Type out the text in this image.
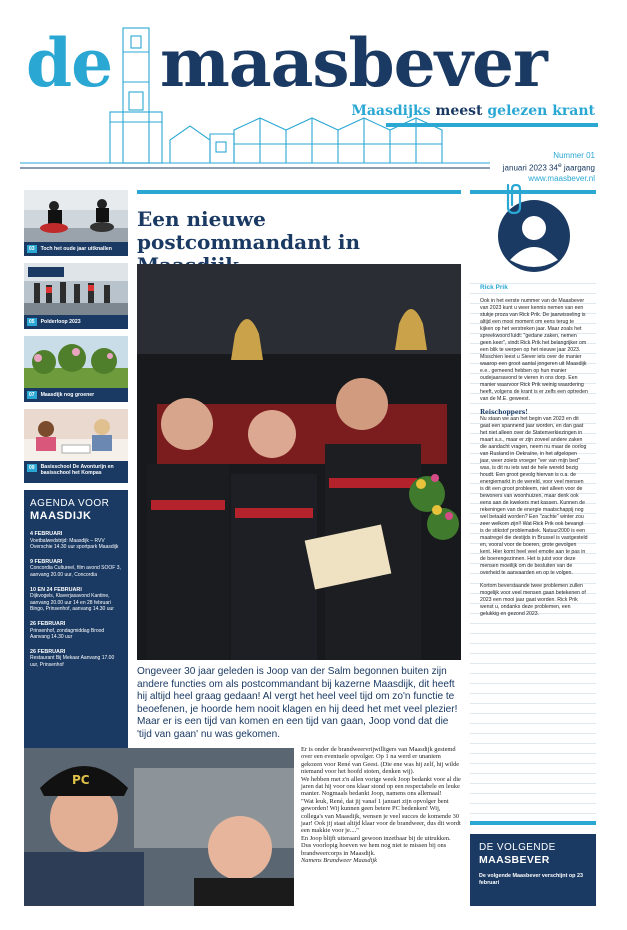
de maasbever
Maasdijks meest gelezen krant
Nummer 01
januari 2023 34e jaargang
www.maasbever.nl
03	Toch het oude jaar uitknallen
05	Polderloop 2023
07	Maasdijk nog groener
09	Basisschool De Avonturijn en basisschool het Kompas
AGENDA VOOR
MAASDIJK
4 FEBRUARI
Voetbalwedstrijd: Maasdijk – RVV Overschie 14.30 uur sportpark Maasdijk
9 FEBRUARI
Concordia Cultureel, film avond SOOF 3, aanvang 20.00 uur, Concordia
10 EN 24 FEBRUARI
Dijkvogels, Klaverjasavond Kantine, aanvang 20.00 uur 14 en 28 februari Bingo, Prinsenhof, aanvang 14.30 uur
26 FEBRUARI
Prinsenhof, zondagmiddag Brood Aanvang 14.30 uur
26 FEBRUARI
Restaurant Bij Mekaar Aanvang 17.00 uur, Prinsenhof
Een nieuwe postcommandant in

Ongeveer 30 jaar geleden is Joop van der Salm begonnen buiten zijn andere functies om als postcommandant bij kazerne Maasdijk, dit heeft hij altijd heel graag gedaan! Al vergt het heel veel tijd om zo'n functie te beoefenen, je hoorde hem nooit klagen en hij deed het met veel plezier! Maar er is een tijd van komen en een tijd van gaan, Joop vond dat die 'tijd van gaan' nu was gekomen.

PC

Er is onder de brandweervrijwilligers van Maasdijk gestemd over een eventuele opvolger. Op 1 na werd er unaniem gekozen voor René van Geest. (Die ene was hij zelf, hij wilde niemand voor het hoofd stoten, denken wij).

We hebben met z'n allen vorige week Joop bedankt voor al die jaren dat hij voor ons klaar stond op een respectabele en leuke manier. Nogmaals bedankt Joop, namens ons allemaal!

"Wat leuk, René, dat jij vanaf 1 januari zijn opvolger bent geworden! Wij kunnen geen betere PC bedenken! Wij, collega's van Maasdijk, wensen je veel succes de komende 30 jaar! Ook jij staat altijd klaar voor de brandweer, dus dit wordt een makkie voor je...."

En Joop blijft uiteraard gewoon inzetbaar bij de uitrukken. Dus voorlopig hoeven we hem nog niet te missen bij ons brandweercorps in Maasdijk.

Namens Brandweer Maasdijk

Rick Prik

Ook in het eerste nummer van de Maasbever van 2023 kunt u weer kennis nemen van een stukje proza van Rick Prik. De jaarwisseling is altijd een mooi moment om eens terug te kijken op het verstreken jaar. Maar zoals het spreekwoord luidt: "gedane zaken, nemen geen keer", vindt Rick Prik het belangrijker om een blik te werpen op het nieuwe jaar 2023. Misschien leest u Siever iets over de manier waarop een groot aantal jongeren uit Maasdijk e.e.. gemeend hebben op hun manier oudejaarsavond te vieren in ons dorp. Een manier waarvoor Rick Prik weinig waardering heeft, volgens de krant is er zelfs een optreden van de M.E. geweest.

Reischoppers!

Nu staan we aan het begin van 2023 en dit gaat een spannend jaar worden, en dan gaat het niet alleen over de Statenverkiezingen in maart a.s., maar er zijn zoveel andere zaken die aandacht vragen, neem nu maar de oorlog van Rusland in Oekraïne, in het afgelopen jaar, weer zoiets vroeger "ver van mijn bed" was, is dit nu iets wat de hele wereld bezig houdt. Een groot gevolg hiervan is o.a. de energiemarkt in de wereld, voor veel mensen is dit een groot probleem, niet alleen voor de bewoners van woonhuizen, maar denk ook eens aan de kwekers met kassen. Kunnen de rekeningen van de energie maatschappij nog wel betaald worden? Een "zachte" winter zou zeer welkom zijn!! Wat Rick Prik ook bevangt is de stikstof problematiek. Natuur2000 is een maatregel die destijds in Brussel is vastgesteld en, vooral voor de boeren, grote gevolgen kent. Hier komt heel veel emotie aan te pas in de boerengezinnen. Het is juist voor deze mensen moeilijk om de besluiten van de overheid te aanvaarden en op te volgen.

Kortom beverstaande twee problemen zullen mogelijk voor veel mensen gaan betekenen of 2023 een mooi jaar gaat worden. Rick Prik wenst u, ondanks deze problemen, een gelukkig en gezond 2023.

DE VOLGENDE
MAASBEVER

De volgende Maasbever verschijnt op 23 februari
